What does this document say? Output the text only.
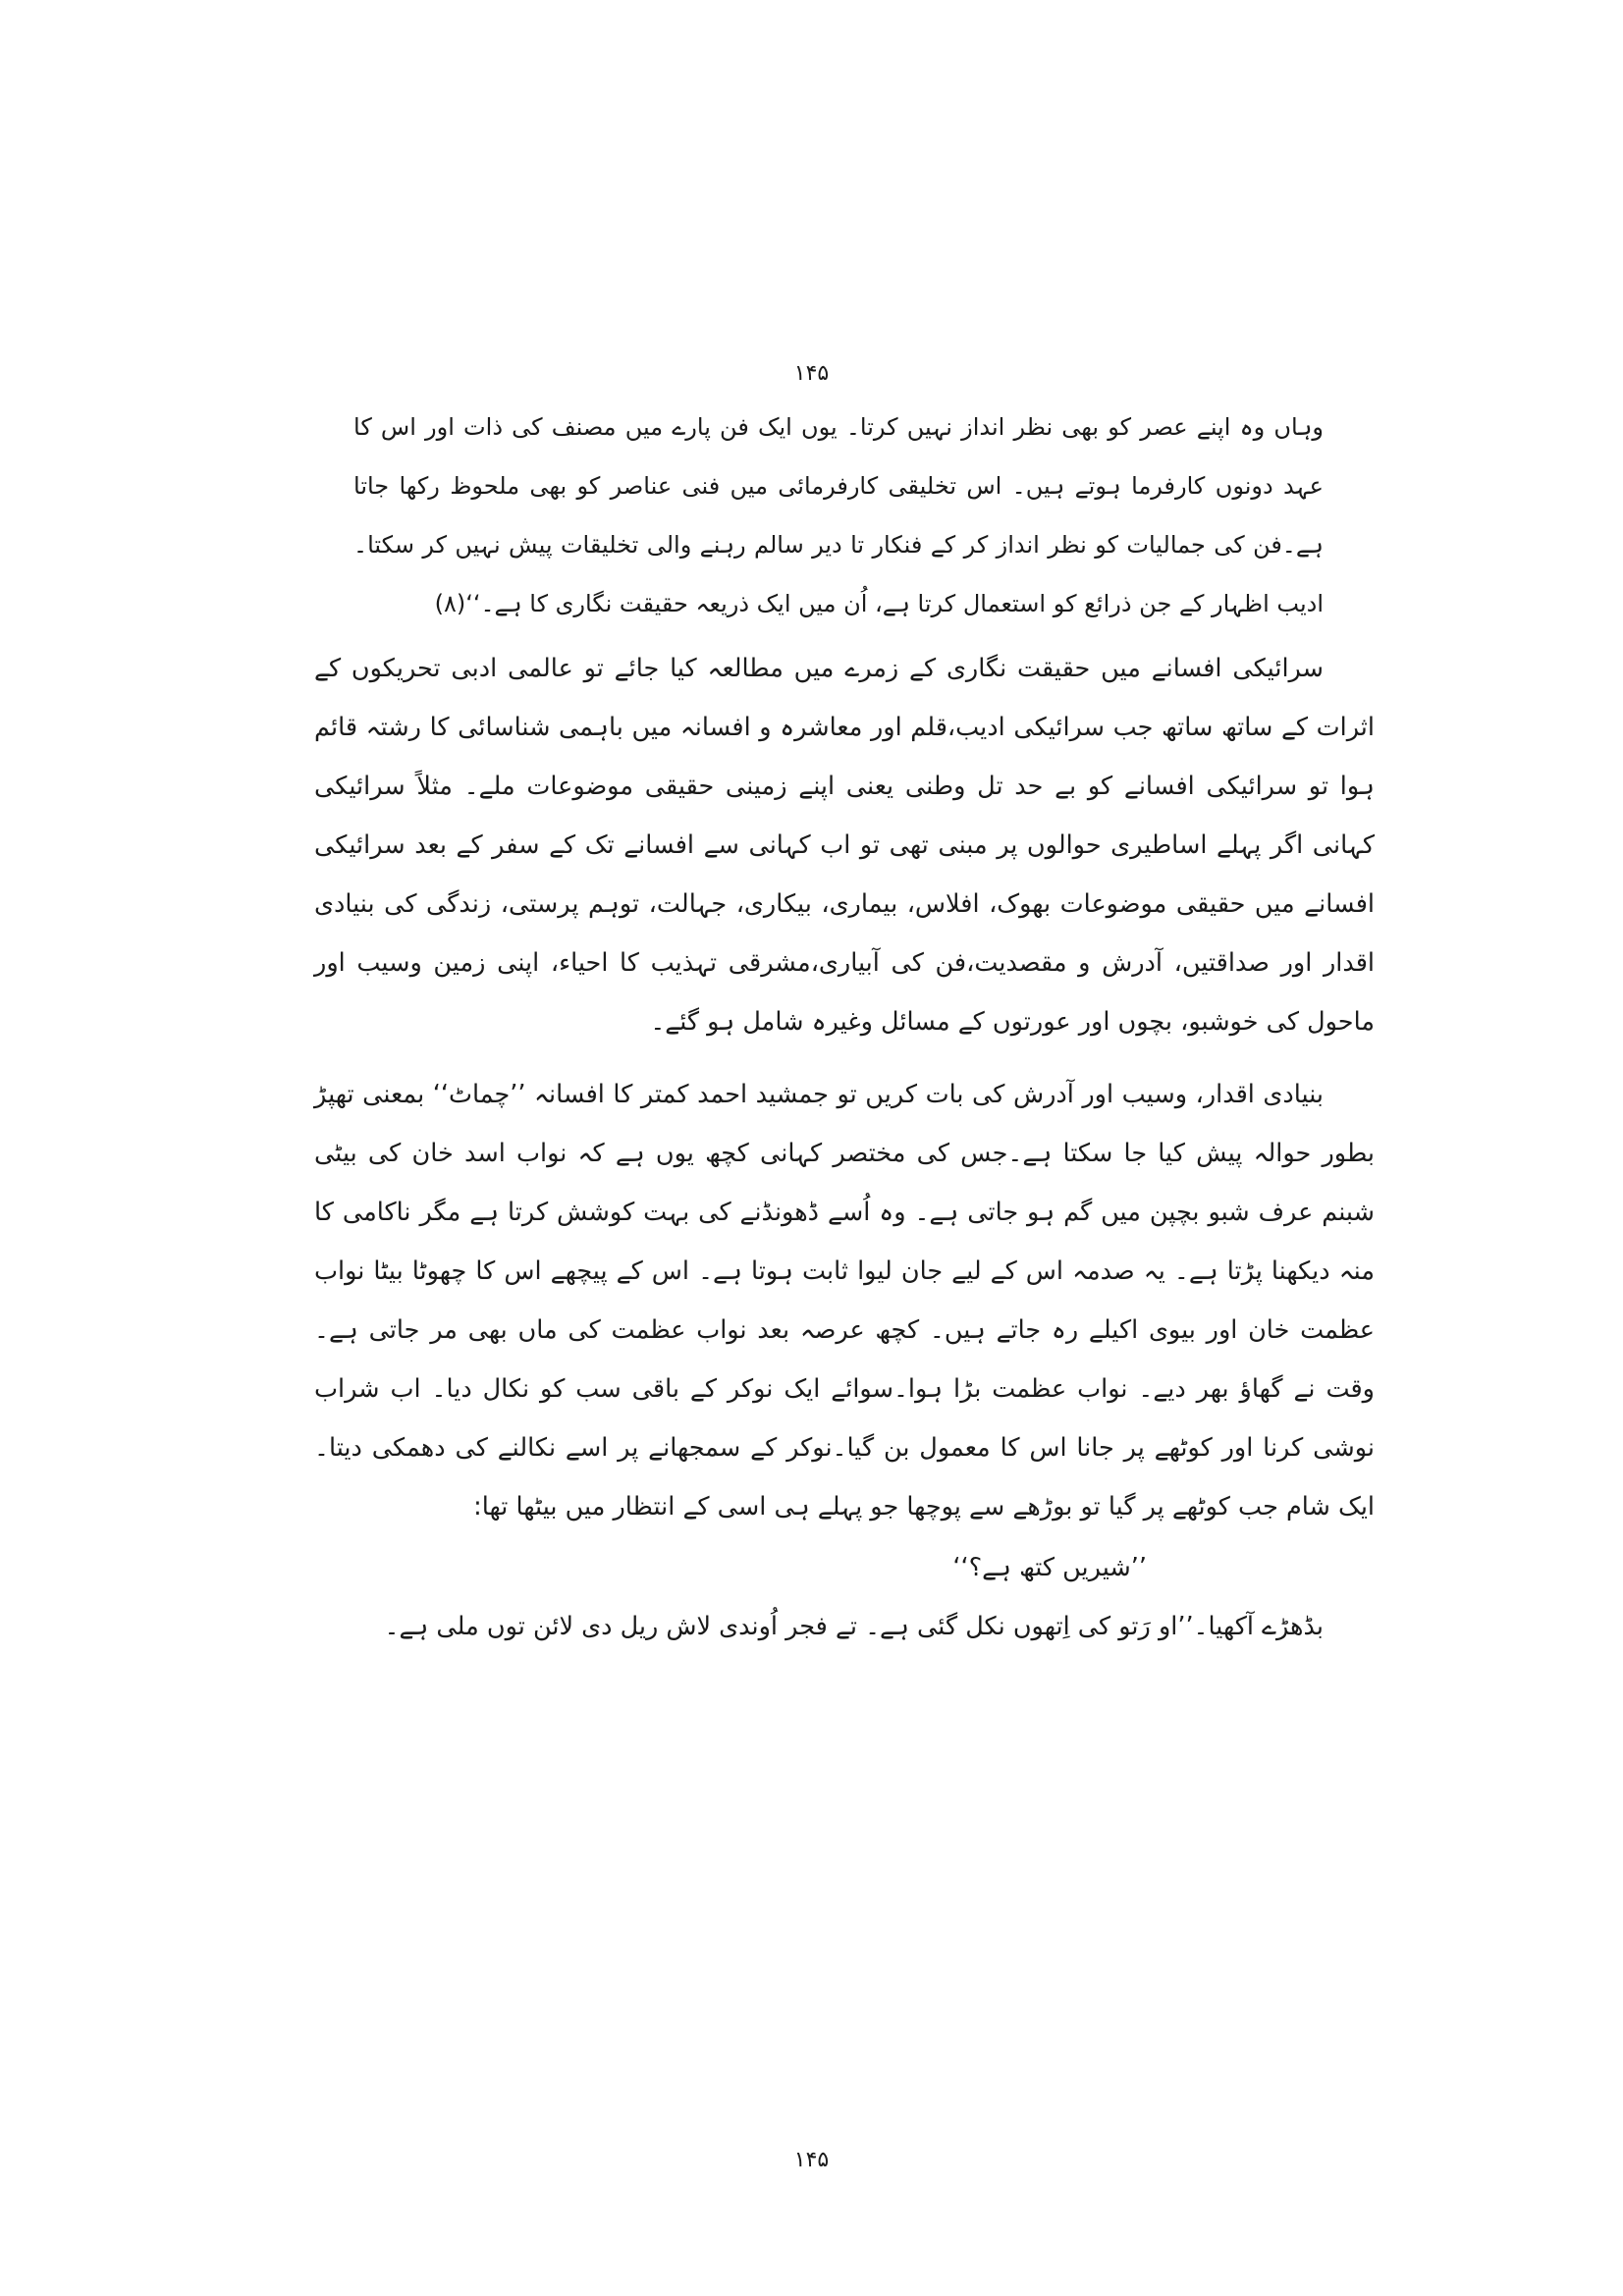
۱۴۵

وہاں وہ اپنے عصر کو بھی نظر انداز نہیں کرتا۔ یوں ایک فن پارے میں مصنف کی ذات اور اس کا عہد دونوں کارفرما ہوتے ہیں۔ اس تخلیقی کارفرمائی میں فنی عناصر کو بھی ملحوظ رکھا جاتا ہے۔فن کی جمالیات کو نظر انداز کر کے فنکار تا دیر سالم رہنے والی تخلیقات پیش نہیں کر سکتا۔ ادیب اظہار کے جن ذرائع کو استعمال کرتا ہے، اُن میں ایک ذریعہ حقیقت نگاری کا ہے۔‘‘(۸)

سرائیکی افسانے میں حقیقت نگاری کے زمرے میں مطالعہ کیا جائے تو عالمی ادبی تحریکوں کے اثرات کے ساتھ ساتھ جب سرائیکی ادیب،قلم اور معاشرہ و افسانہ میں باہمی شناسائی کا رشتہ قائم ہوا تو سرائیکی افسانے کو بے حد تل وطنی یعنی اپنے زمینی حقیقی موضوعات ملے۔ مثلاً سرائیکی کہانی اگر پہلے اساطیری حوالوں پر مبنی تھی تو اب کہانی سے افسانے تک کے سفر کے بعد سرائیکی افسانے میں حقیقی موضوعات بھوک، افلاس، بیماری، بیکاری، جہالت، توہم پرستی، زندگی کی بنیادی اقدار اور صداقتیں، آدرش و مقصدیت،فن کی آبیاری،مشرقی تہذیب کا احیاء، اپنی زمین وسیب اور ماحول کی خوشبو، بچوں اور عورتوں کے مسائل وغیرہ شامل ہو گئے۔

بنیادی اقدار، وسیب اور آدرش کی بات کریں تو جمشید احمد کمتر کا افسانہ ’’چماٹ‘‘ بمعنی تھپڑ بطور حوالہ پیش کیا جا سکتا ہے۔جس کی مختصر کہانی کچھ یوں ہے کہ نواب اسد خان کی بیٹی شبنم عرف شبو بچپن میں گم ہو جاتی ہے۔ وہ اُسے ڈھونڈنے کی بہت کوشش کرتا ہے مگر ناکامی کا منہ دیکھنا پڑتا ہے۔ یہ صدمہ اس کے لیے جان لیوا ثابت ہوتا ہے۔ اس کے پیچھے اس کا چھوٹا بیٹا نواب عظمت خان اور بیوی اکیلے رہ جاتے ہیں۔ کچھ عرصہ بعد نواب عظمت کی ماں بھی مر جاتی ہے۔ وقت نے گھاؤ بھر دیے۔ نواب عظمت بڑا ہوا۔سوائے ایک نوکر کے باقی سب کو نکال دیا۔ اب شراب نوشی کرنا اور کوٹھے پر جانا اس کا معمول بن گیا۔نوکر کے سمجھانے پر اسے نکالنے کی دھمکی دیتا۔ ایک شام جب کوٹھے پر گیا تو بوڑھے سے پوچھا جو پہلے ہی اسی کے انتظار میں بیٹھا تھا:

’’شیریں کتھ ہے؟‘‘

بڈھڑے آکھیا۔’’او رَتو کی اِتھوں نکل گئی ہے۔ تے فجر اُوندی لاش ریل دی لائن توں ملی ہے۔

۱۴۵
